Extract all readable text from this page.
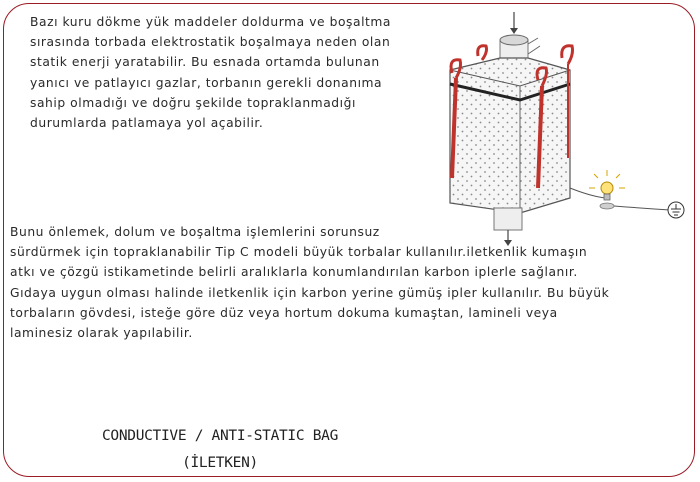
Bazı kuru dökme yük maddeler doldurma ve boşaltma
sırasında torbada elektrostatik boşalmaya neden olan
statik enerji yaratabilir. Bu esnada ortamda bulunan
yanıcı ve patlayıcı gazlar, torbanın gerekli donanıma
sahip olmadığı ve doğru şekilde topraklanmadığı
durumlarda patlamaya yol açabilir.

Bunu önlemek, dolum ve boşaltma işlemlerini sorunsuz
sürdürmek için topraklanabilir Tip C modeli büyük torbalar kullanılır.iletkenlik kumaşın
atkı ve çözgü istikametinde belirli aralıklarla konumlandırılan karbon iplerle sağlanır.
Gıdaya uygun olması halinde iletkenlik için karbon yerine gümüş ipler kullanılır. Bu büyük
torbaların gövdesi, isteğe göre düz veya hortum dokuma kumaştan, lamineli veya
laminesiz olarak yapılabilir.

CONDUCTIVE / ANTI-STATIC BAG
(İLETKEN)
